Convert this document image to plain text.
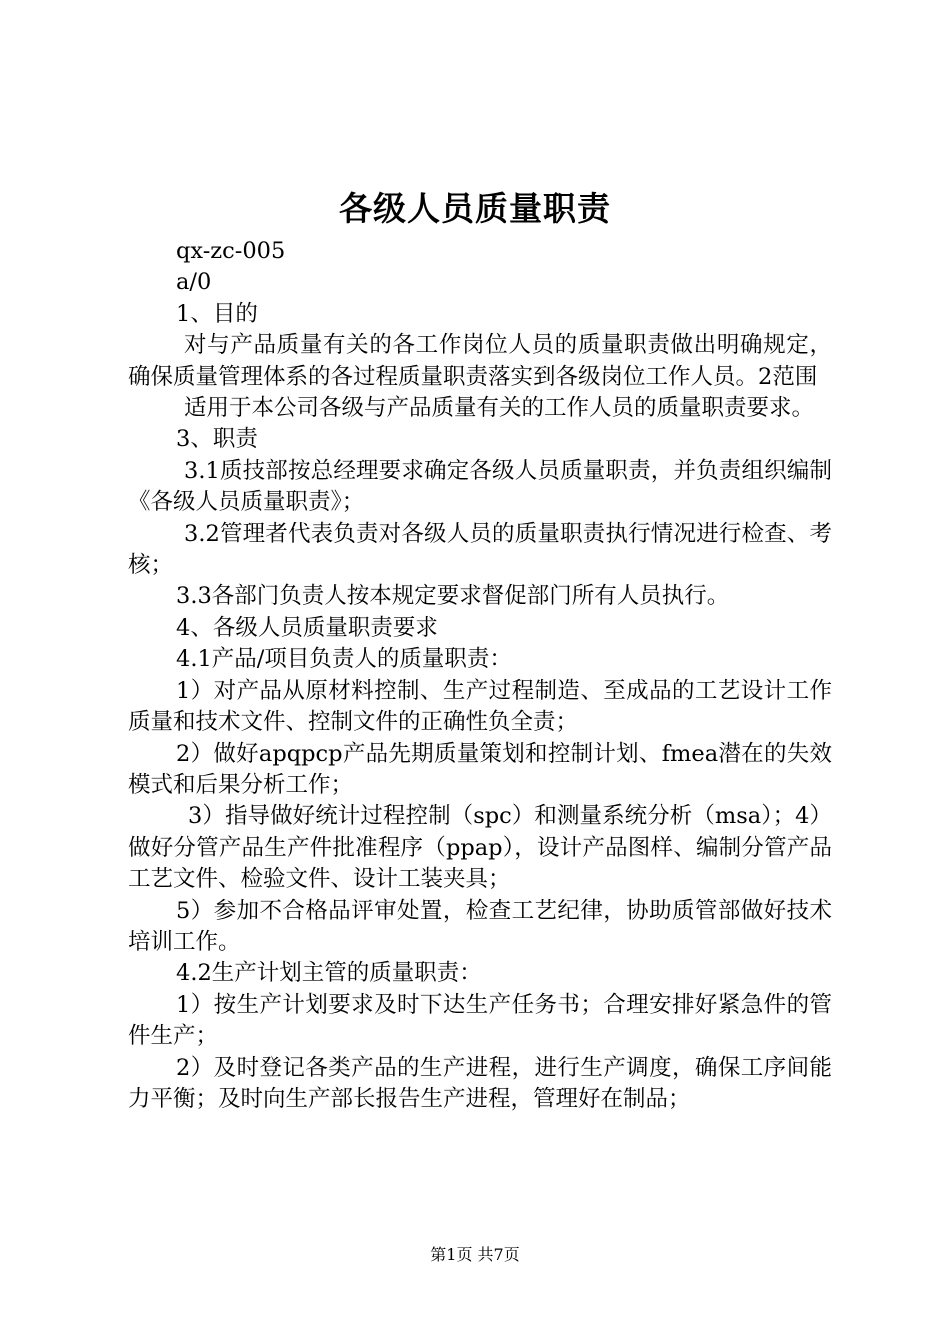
各级人员质量职责

qx-zc-005

a/0

1、目的

对与产品质量有关的各工作岗位人员的质量职责做出明确规定，确保质量管理体系的各过程质量职责落实到各级岗位工作人员。2范围

适用于本公司各级与产品质量有关的工作人员的质量职责要求。

3、职责

3.1质技部按总经理要求确定各级人员质量职责，并负责组织编制《各级人员质量职责》；

3.2管理者代表负责对各级人员的质量职责执行情况进行检查、考核；

3.3各部门负责人按本规定要求督促部门所有人员执行。

4、各级人员质量职责要求

4.1产品/项目负责人的质量职责：

1）对产品从原材料控制、生产过程制造、至成品的工艺设计工作质量和技术文件、控制文件的正确性负全责；

2）做好apqpcp产品先期质量策划和控制计划、fmea潜在的失效模式和后果分析工作；

3）指导做好统计过程控制（spc）和测量系统分析（msa）；4）做好分管产品生产件批准程序（ppap），设计产品图样、编制分管产品工艺文件、检验文件、设计工装夹具；

5）参加不合格品评审处置，检查工艺纪律，协助质管部做好技术培训工作。

4.2生产计划主管的质量职责：

1）按生产计划要求及时下达生产任务书；合理安排好紧急件的管件生产；

2）及时登记各类产品的生产进程，进行生产调度，确保工序间能力平衡；及时向生产部长报告生产进程，管理好在制品；

第1页 共7页
